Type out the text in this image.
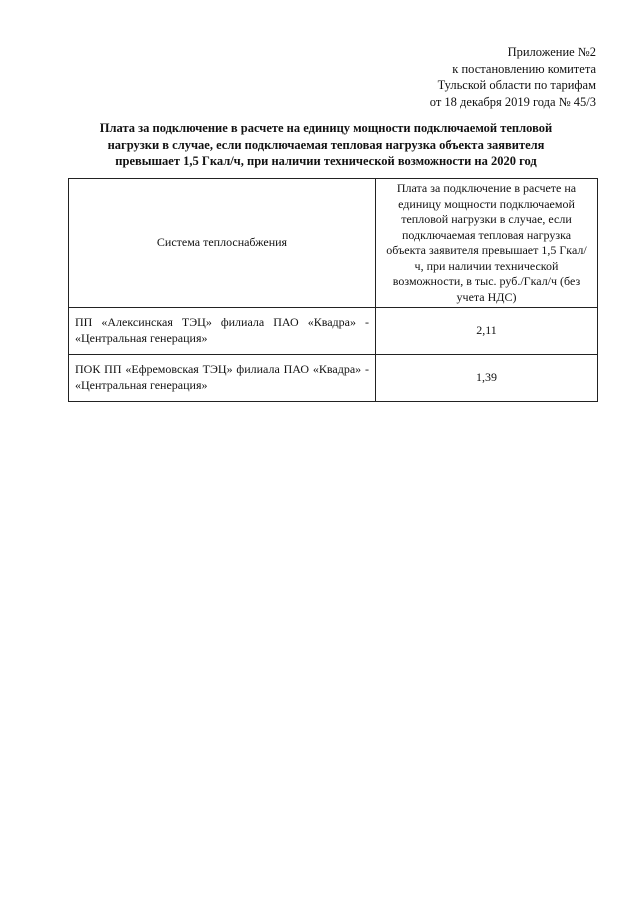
Приложение №2
к постановлению комитета
Тульской области по тарифам
от 18 декабря 2019 года № 45/3
Плата за подключение в расчете на единицу мощности подключаемой тепловой нагрузки в случае, если подключаемая тепловая нагрузка объекта заявителя превышает 1,5 Гкал/ч, при наличии технической возможности на 2020 год
Система теплоснабжения	Плата за подключение в расчете на единицу мощности подключаемой тепловой нагрузки в случае, если подключаемая тепловая нагрузка объекта заявителя превышает 1,5 Гкал/ч, при наличии технической возможности, в тыс. руб./Гкал/ч (без учета НДС)
ПП «Алексинская ТЭЦ» филиала ПАО «Квадра» - «Центральная генерация»	2,11
ПОК ПП «Ефремовская ТЭЦ» филиала ПАО «Квадра» - «Центральная генерация»	1,39
